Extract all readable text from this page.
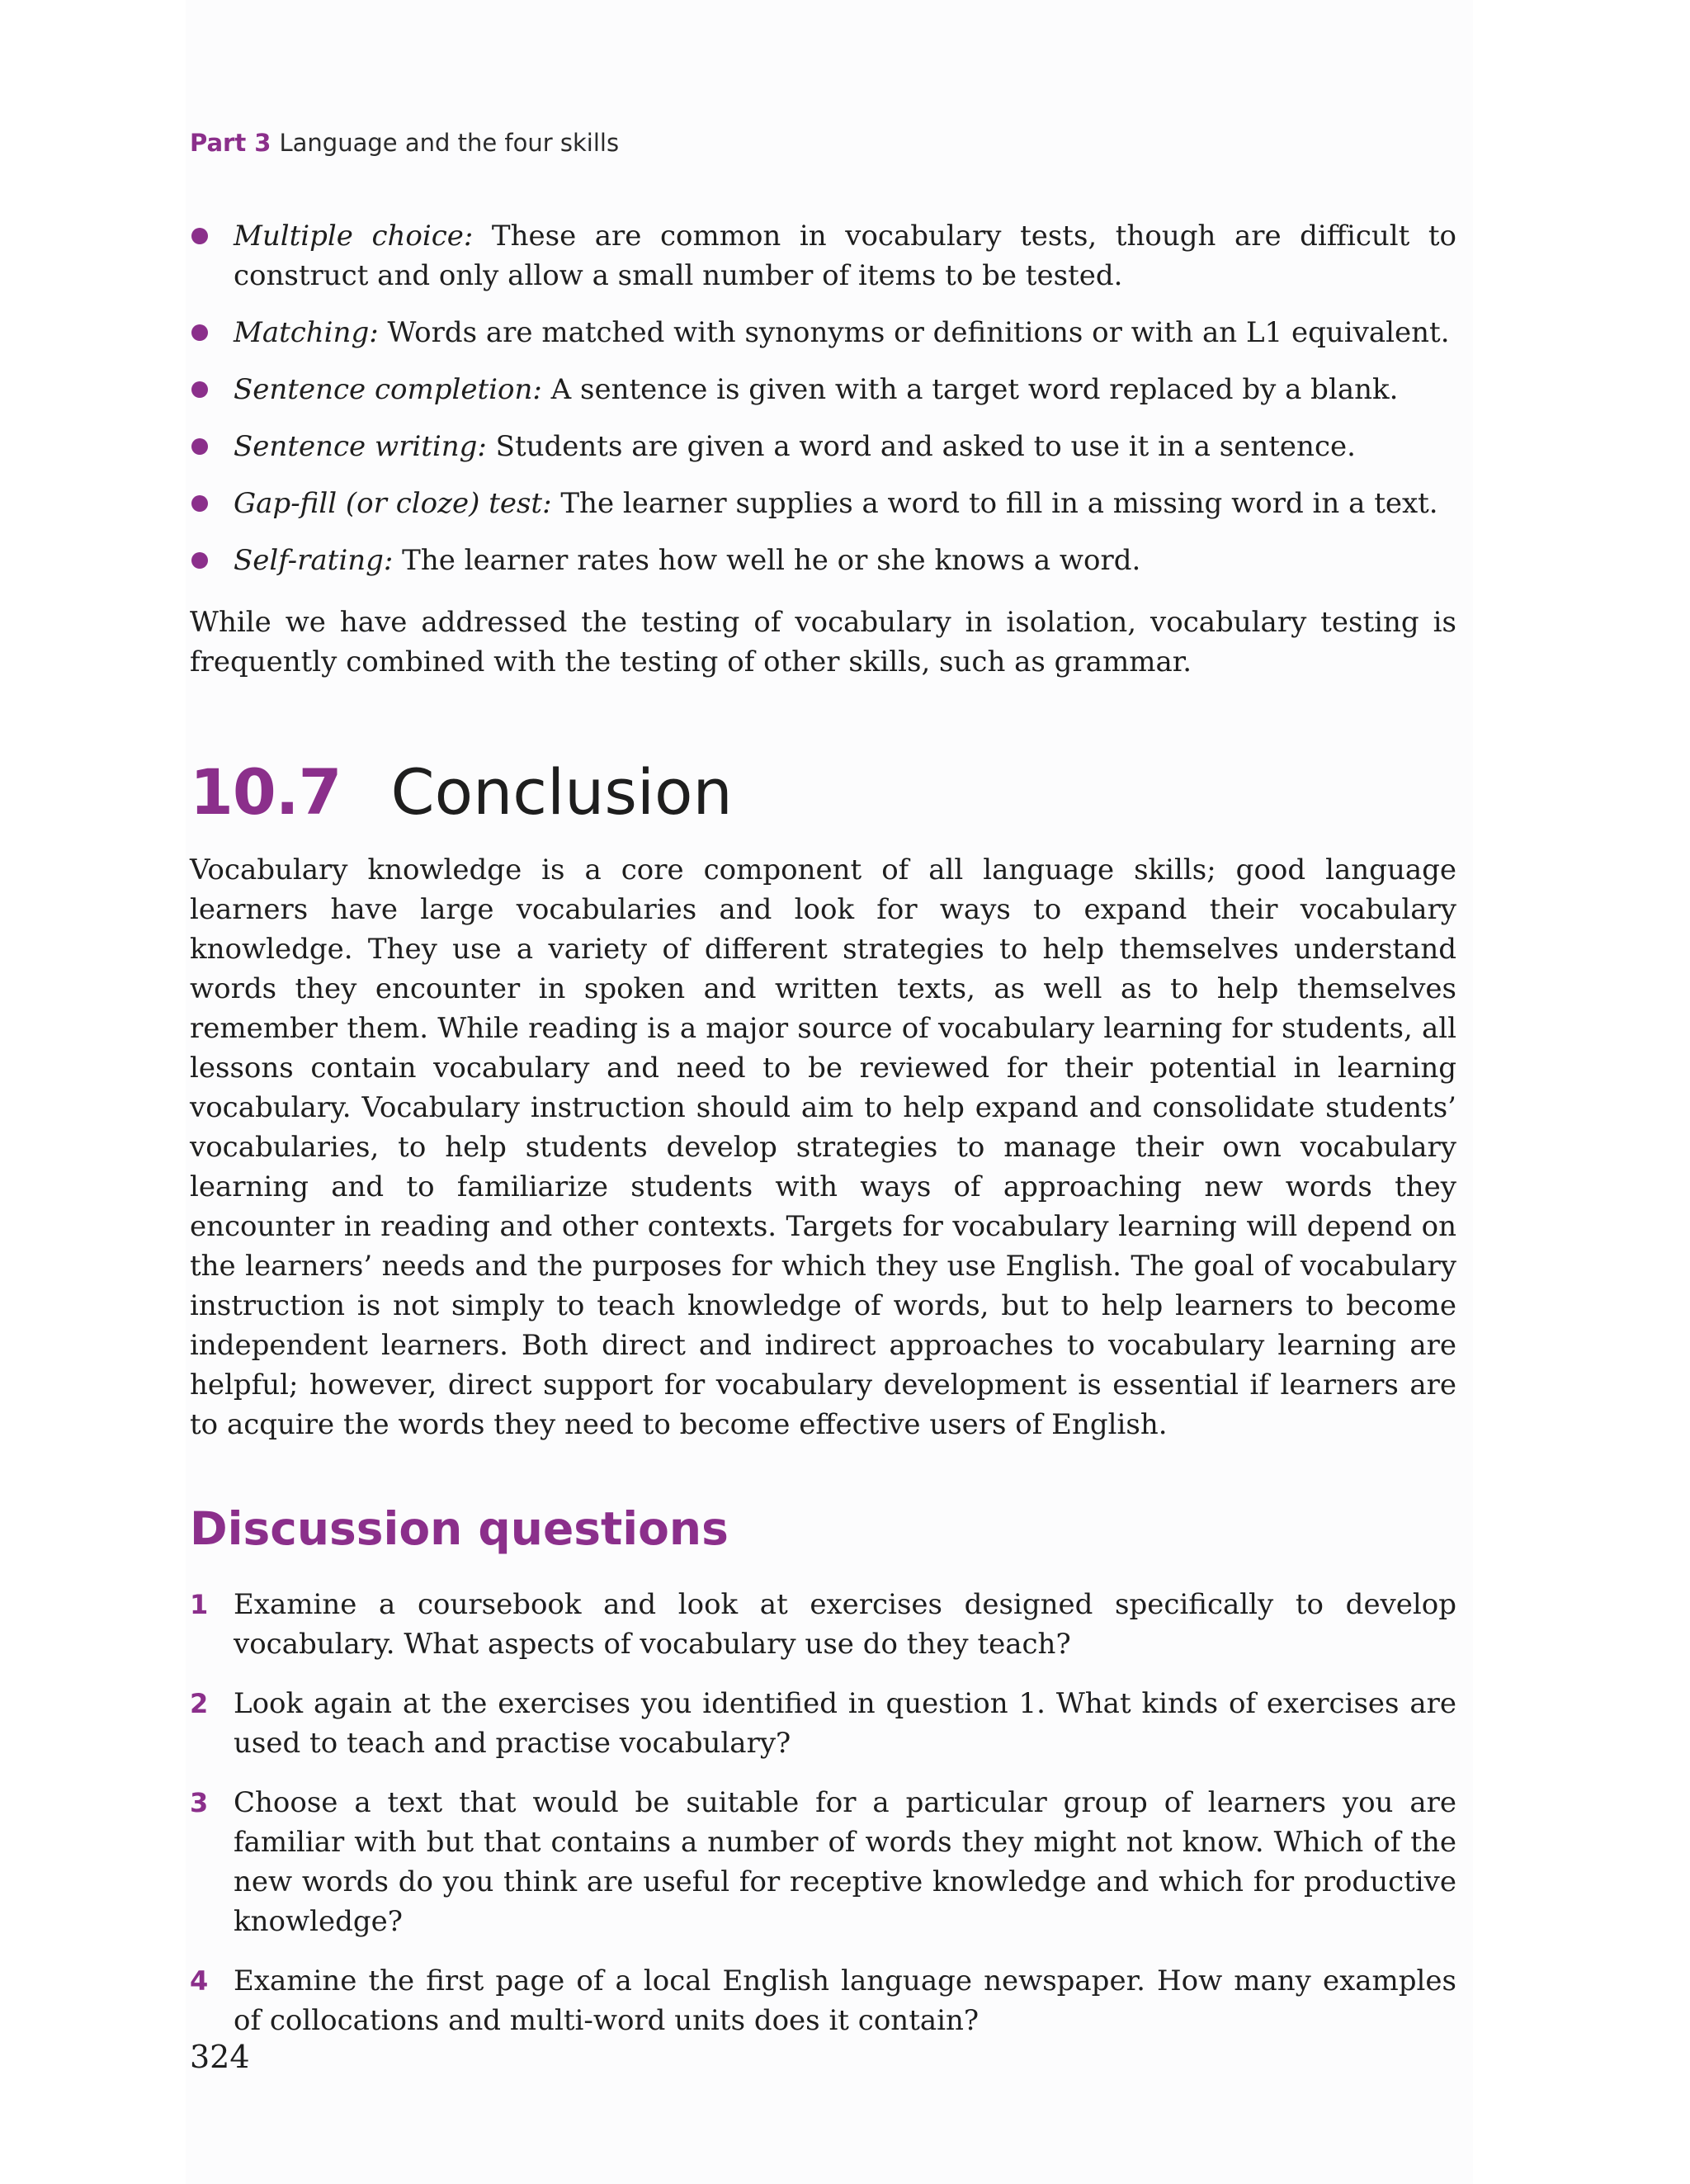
Part 3 Language and the four skills
Multiple choice: These are common in vocabulary tests, though are difficult to construct and only allow a small number of items to be tested.
Matching: Words are matched with synonyms or definitions or with an L1 equivalent.
Sentence completion: A sentence is given with a target word replaced by a blank.
Sentence writing: Students are given a word and asked to use it in a sentence.
Gap-fill (or cloze) test: The learner supplies a word to fill in a missing word in a text.
Self-rating: The learner rates how well he or she knows a word.

While we have addressed the testing of vocabulary in isolation, vocabulary testing is frequently combined with the testing of other skills, such as grammar.

10.7 Conclusion

Vocabulary knowledge is a core component of all language skills; good language learners have large vocabularies and look for ways to expand their vocabulary knowledge. They use a variety of different strategies to help themselves understand words they encounter in spoken and written texts, as well as to help themselves remember them. While reading is a major source of vocabulary learning for students, all lessons contain vocabulary and need to be reviewed for their potential in learning vocabulary. Vocabulary instruction should aim to help expand and consolidate students’ vocabularies, to help students develop strategies to manage their own vocabulary learning and to familiarize students with ways of approaching new words they encounter in reading and other contexts. Targets for vocabulary learning will depend on the learners’ needs and the purposes for which they use English. The goal of vocabulary instruction is not simply to teach knowledge of words, but to help learners to become independent learners. Both direct and indirect approaches to vocabulary learning are helpful; however, direct support for vocabulary development is essential if learners are to acquire the words they need to become effective users of English.

Discussion questions
1 Examine a coursebook and look at exercises designed specifically to develop vocabulary. What aspects of vocabulary use do they teach?
2 Look again at the exercises you identified in question 1. What kinds of exercises are used to teach and practise vocabulary?
3 Choose a text that would be suitable for a particular group of learners you are familiar with but that contains a number of words they might not know. Which of the new words do you think are useful for receptive knowledge and which for productive knowledge?
4 Examine the first page of a local English language newspaper. How many examples of collocations and multi-word units does it contain?
324
